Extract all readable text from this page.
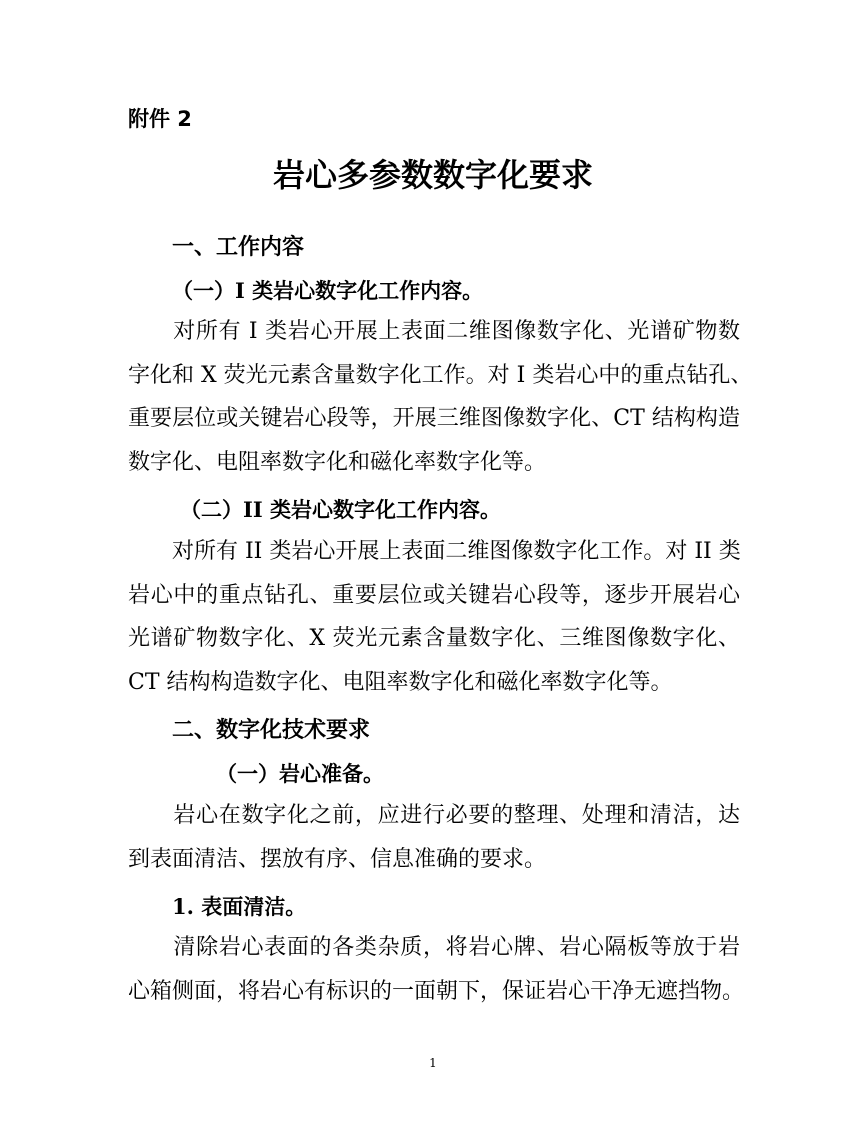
附件 2
岩心多参数数字化要求
一、工作内容
（一）I 类岩心数字化工作内容。
　　对所有 I 类岩心开展上表面二维图像数字化、光谱矿物数
字化和 X 荧光元素含量数字化工作。对 I 类岩心中的重点钻孔、
重要层位或关键岩心段等，开展三维图像数字化、CT 结构构造
数字化、电阻率数字化和磁化率数字化等。
（二）II 类岩心数字化工作内容。
　　对所有 II 类岩心开展上表面二维图像数字化工作。对 II 类
岩心中的重点钻孔、重要层位或关键岩心段等，逐步开展岩心
光谱矿物数字化、X 荧光元素含量数字化、三维图像数字化、
CT 结构构造数字化、电阻率数字化和磁化率数字化等。
二、数字化技术要求
（一）岩心准备。
　　岩心在数字化之前，应进行必要的整理、处理和清洁，达
到表面清洁、摆放有序、信息准确的要求。
1. 表面清洁。
　　清除岩心表面的各类杂质，将岩心牌、岩心隔板等放于岩
心箱侧面，将岩心有标识的一面朝下，保证岩心干净无遮挡物。
1
